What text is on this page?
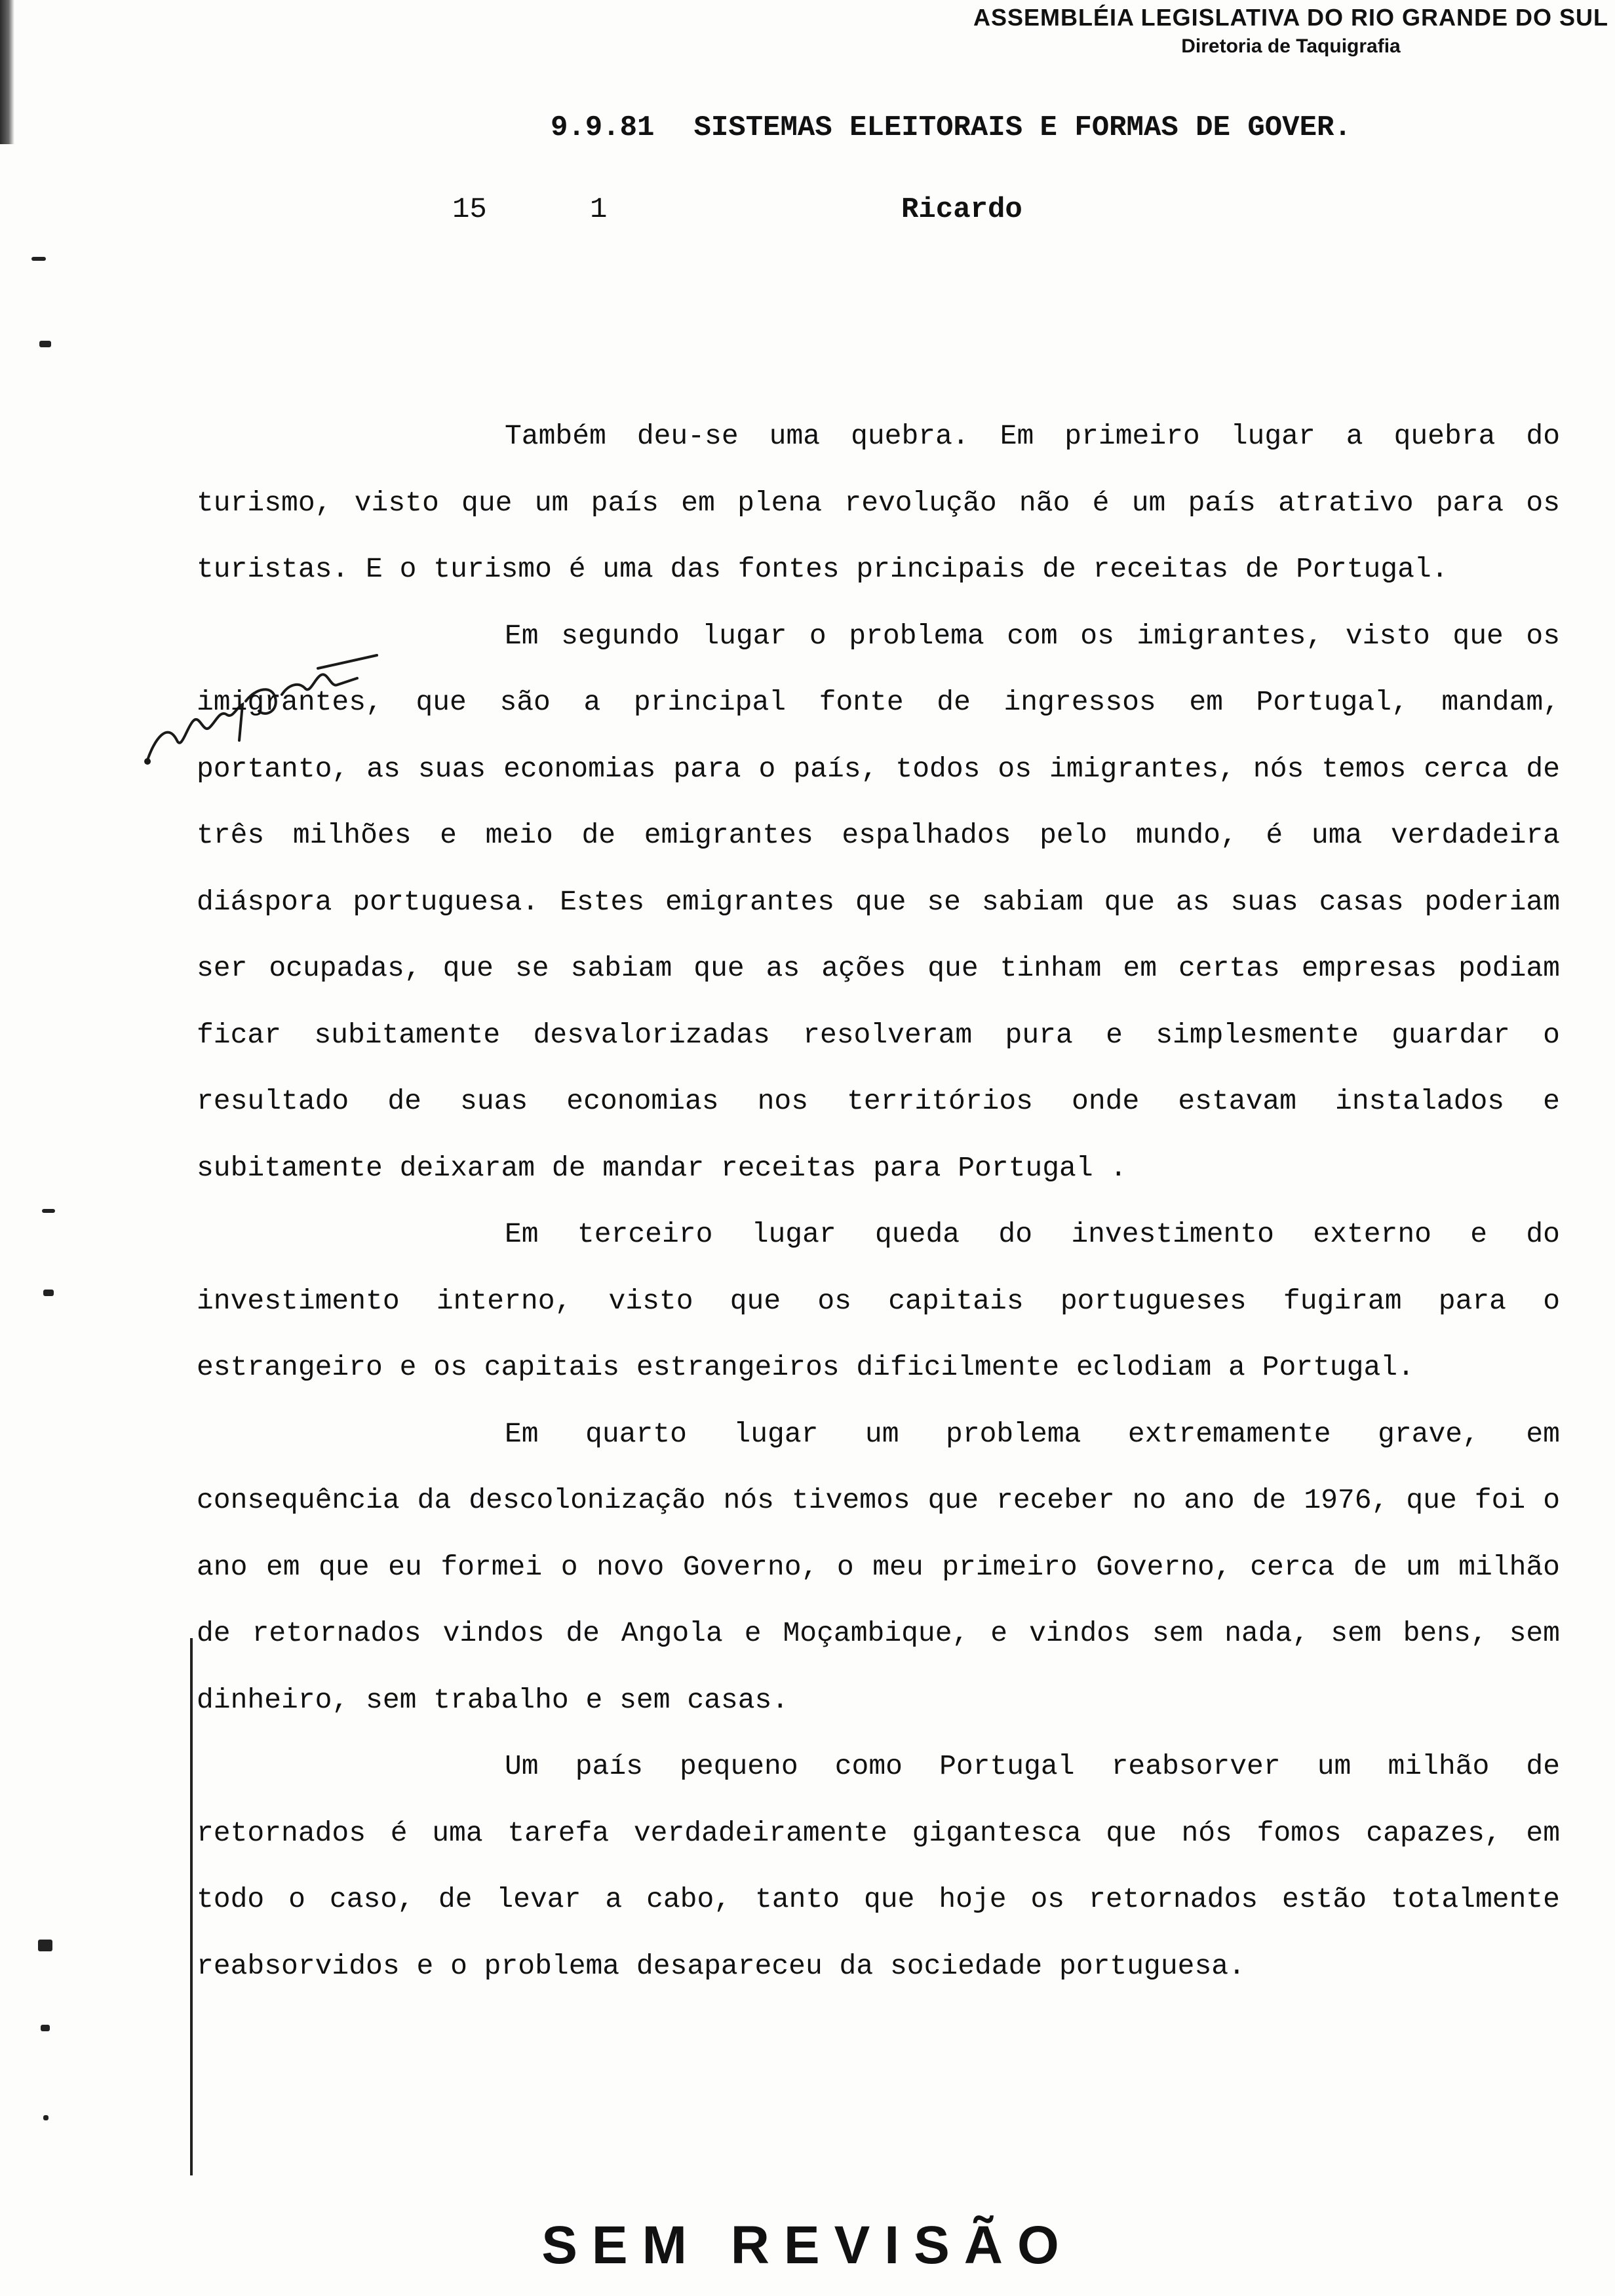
ASSEMBLÉIA LEGISLATIVA DO RIO GRANDE DO SUL
Diretoria de Taquigrafia
9.9.81 SISTEMAS ELEITORAIS E FORMAS DE GOVER.
15	1	Ricardo

Também deu-se uma quebra. Em primeiro lugar a quebra do turismo, visto que um país em plena revolução não é um país atrativo para os turistas. E o turismo é uma das fontes principais de receitas de Portugal.

Em segundo lugar o problema com os imigrantes, visto que os imigrantes, que são a principal fonte de ingressos em Portugal, mandam, portanto, as suas economias para o país, todos os imigrantes, nós temos cerca de três milhões e meio de emigrantes espalhados pelo mundo, é uma verdadeira diáspora portuguesa. Estes emigrantes que se sabiam que as suas casas poderiam ser ocupadas, que se sabiam que as ações que tinham em certas empresas podiam ficar subitamente desvalorizadas resolveram pura e simplesmente guardar o resultado de suas economias nos territórios onde estavam instalados e subitamente deixaram de mandar receitas para Portugal .

Em terceiro lugar queda do investimento externo e do investimento interno, visto que os capitais portugueses fugiram para o estrangeiro e os capitais estrangeiros dificilmente eclodiam a Portugal.

Em quarto lugar um problema extremamente grave, em consequência da descolonização nós tivemos que receber no ano de 1976, que foi o ano em que eu formei o novo Governo, o meu primeiro Governo, cerca de um milhão de retornados vindos de Angola e Moçambique, e vindos sem nada, sem bens, sem dinheiro, sem trabalho e sem casas.

Um país pequeno como Portugal reabsorver um milhão de retornados é uma tarefa verdadeiramente gigantesca que nós fomos capazes, em todo o caso, de levar a cabo, tanto que hoje os retornados estão totalmente reabsorvidos e o problema desapareceu da sociedade portuguesa.

SEM REVISÃO
